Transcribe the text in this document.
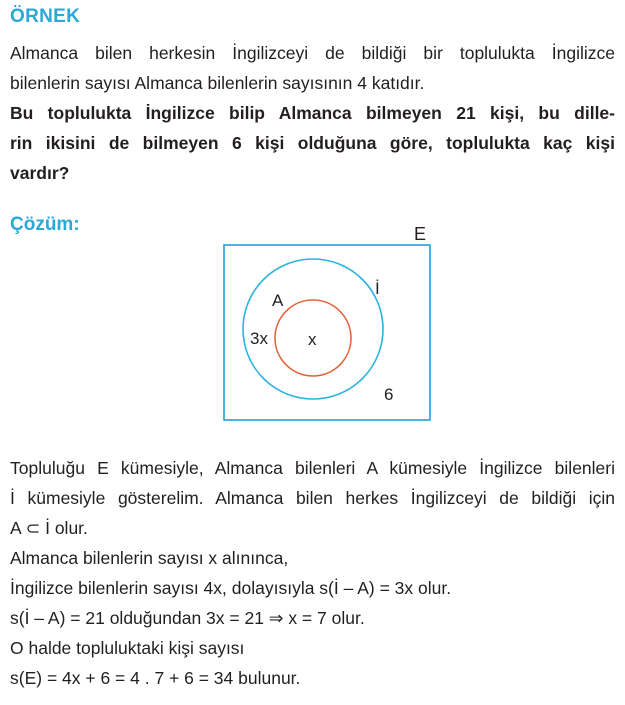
ÖRNEK

Almanca bilen herkesin İngilizceyi de bildiği bir toplulukta İngilizce
bilenlerin sayısı Almanca bilenlerin sayısının 4 katıdır.

Bu toplulukta İngilizce bilip Almanca bilmeyen 21 kişi, bu dille-
rin ikisini de bilmeyen 6 kişi olduğuna göre, toplulukta kaç kişi
vardır?

Çözüm:	E
İ
A
3x x
6

Topluluğu E kümesiyle, Almanca bilenleri A kümesiyle İngilizce bilenleri
İ kümesiyle gösterelim. Almanca bilen herkes İngilizceyi de bildiği için
A ⊂ İ olur.
Almanca bilenlerin sayısı x alınınca,
İngilizce bilenlerin sayısı 4x, dolayısıyla s(İ – A) = 3x olur.
s(İ – A) = 21 olduğundan 3x = 21 ⇒ x = 7 olur.
O halde topluluktaki kişi sayısı
s(E) = 4x + 6 = 4 . 7 + 6 = 34 bulunur.
